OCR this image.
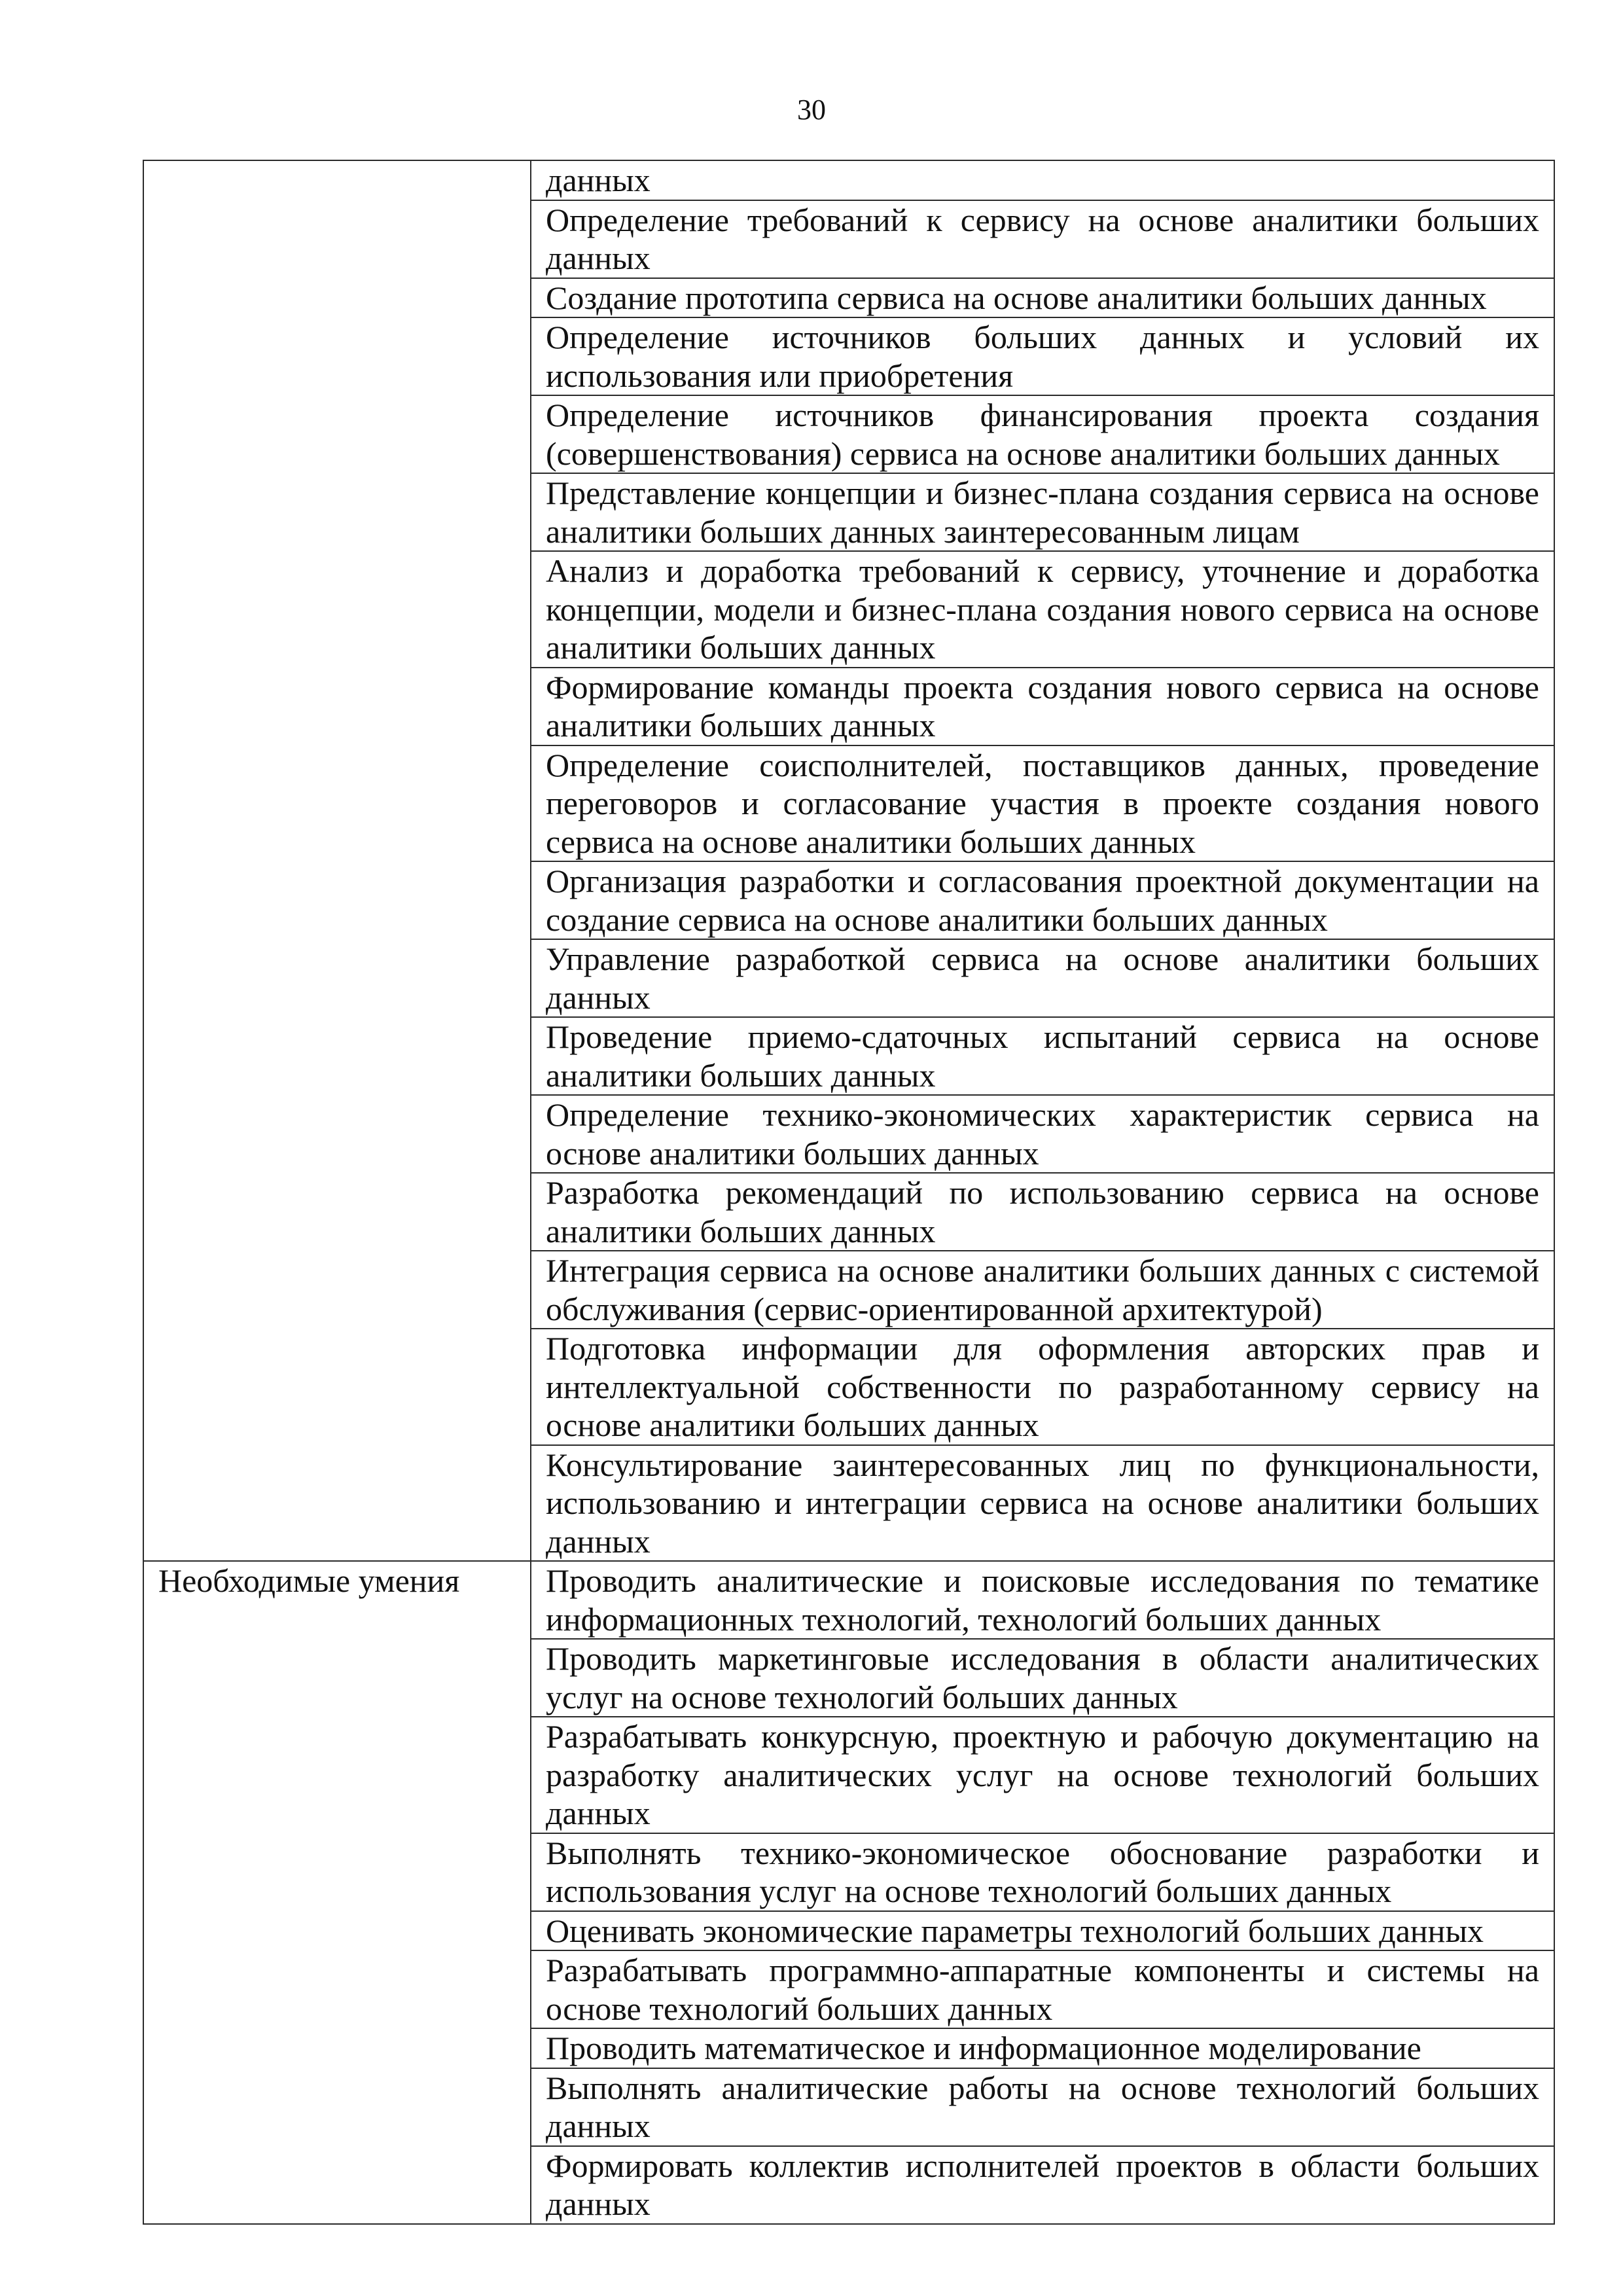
30
	данных
	Определение требований к сервису на основе аналитики больших данных
	Создание прототипа сервиса на основе аналитики больших данных
	Определение источников больших данных и условий их использования или приобретения
	Определение источников финансирования проекта создания (совершенствования) сервиса на основе аналитики больших данных
	Представление концепции и бизнес-плана создания сервиса на основе аналитики больших данных заинтересованным лицам
	Анализ и доработка требований к сервису, уточнение и доработка концепции, модели и бизнес-плана создания нового сервиса на основе аналитики больших данных
	Формирование команды проекта создания нового сервиса на основе аналитики больших данных
	Определение соисполнителей, поставщиков данных, проведение переговоров и согласование участия в проекте создания нового сервиса на основе аналитики больших данных
	Организация разработки и согласования проектной документации на создание сервиса на основе аналитики больших данных
	Управление разработкой сервиса на основе аналитики больших данных
	Проведение приемо-сдаточных испытаний сервиса на основе аналитики больших данных
	Определение технико-экономических характеристик сервиса на основе аналитики больших данных
	Разработка рекомендаций по использованию сервиса на основе аналитики больших данных
	Интеграция сервиса на основе аналитики больших данных с системой обслуживания (сервис-ориентированной архитектурой)
	Подготовка информации для оформления авторских прав и интеллектуальной собственности по разработанному сервису на основе аналитики больших данных
	Консультирование заинтересованных лиц по функциональности, использованию и интеграции сервиса на основе аналитики больших данных
Необходимые умения	Проводить аналитические и поисковые исследования по тематике информационных технологий, технологий больших данных
	Проводить маркетинговые исследования в области аналитических услуг на основе технологий больших данных
	Разрабатывать конкурсную, проектную и рабочую документацию на разработку аналитических услуг на основе технологий больших данных
	Выполнять технико-экономическое обоснование разработки и использования услуг на основе технологий больших данных
	Оценивать экономические параметры технологий больших данных
	Разрабатывать программно-аппаратные компоненты и системы на основе технологий больших данных
	Проводить математическое и информационное моделирование
	Выполнять аналитические работы на основе технологий больших данных
	Формировать коллектив исполнителей проектов в области больших данных
